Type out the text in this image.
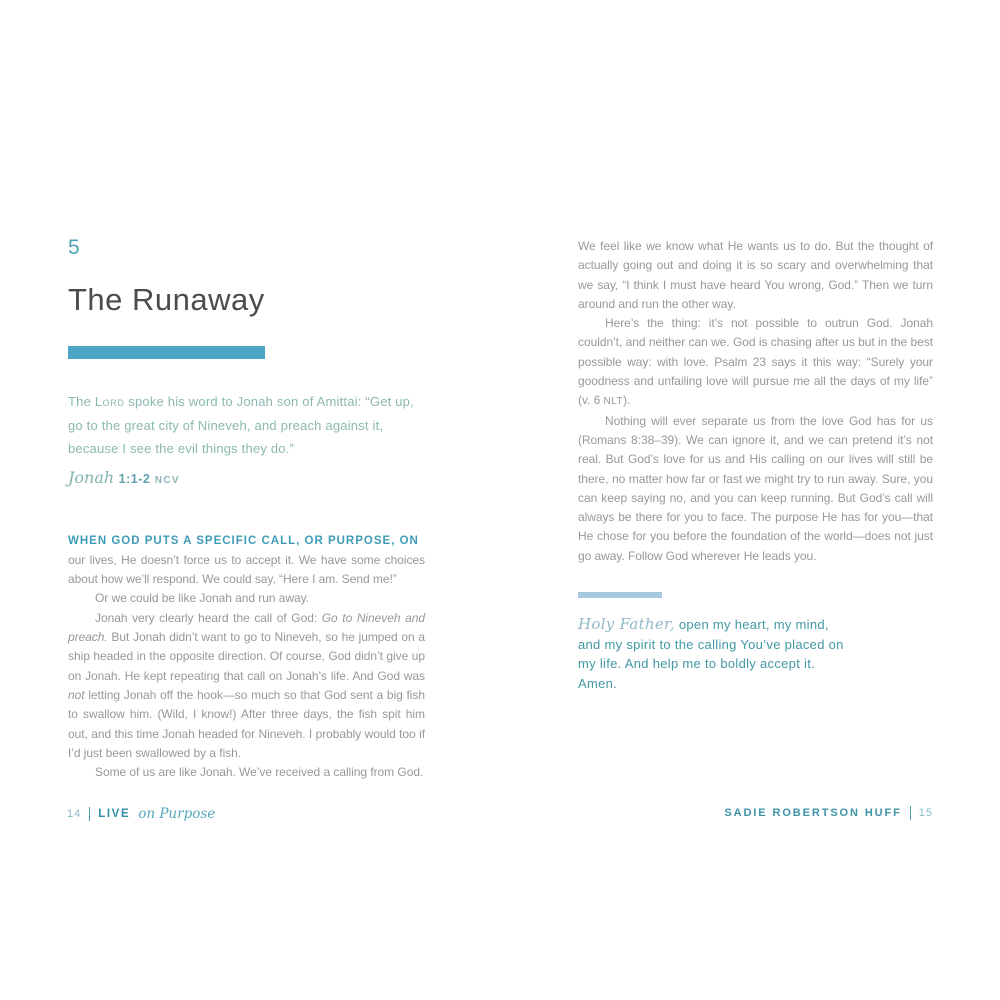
5
The Runaway

The Lord spoke his word to Jonah son of Amittai: “Get up, go to the great city of Nineveh, and preach against it, because I see the evil things they do.”

Jonah 1:1-2 NCV

WHEN GOD PUTS A SPECIFIC CALL, OR PURPOSE, ON

our lives, He doesn’t force us to accept it. We have some choices about how we’ll respond. We could say, “Here I am. Send me!”

Or we could be like Jonah and run away.

Jonah very clearly heard the call of God: Go to Nineveh and preach. But Jonah didn’t want to go to Nineveh, so he jumped on a ship headed in the opposite direction. Of course, God didn’t give up on Jonah. He kept repeating that call on Jonah’s life. And God was not letting Jonah off the hook—so much so that God sent a big fish to swallow him. (Wild, I know!) After three days, the fish spit him out, and this time Jonah headed for Nineveh. I probably would too if I’d just been swallowed by a fish.

Some of us are like Jonah. We’ve received a calling from God.

We feel like we know what He wants us to do. But the thought of actually going out and doing it is so scary and overwhelming that we say, “I think I must have heard You wrong, God.” Then we turn around and run the other way.

Here’s the thing: it’s not possible to outrun God. Jonah couldn’t, and neither can we. God is chasing after us but in the best possible way: with love. Psalm 23 says it this way: “Surely your goodness and unfailing love will pursue me all the days of my life” (v. 6 NLT).

Nothing will ever separate us from the love God has for us (Romans 8:38–39). We can ignore it, and we can pretend it’s not real. But God’s love for us and His calling on our lives will still be there, no matter how far or fast we might try to run away. Sure, you can keep saying no, and you can keep running. But God’s call will always be there for you to face. The purpose He has for you—that He chose for you before the foundation of the world—does not just go away. Follow God wherever He leads you.

Holy Father, open my heart, my mind, and my spirit to the calling You’ve placed on my life. And help me to boldly accept it. Amen.

14 LIVE on Purpose	SADIE ROBERTSON HUFF 15
